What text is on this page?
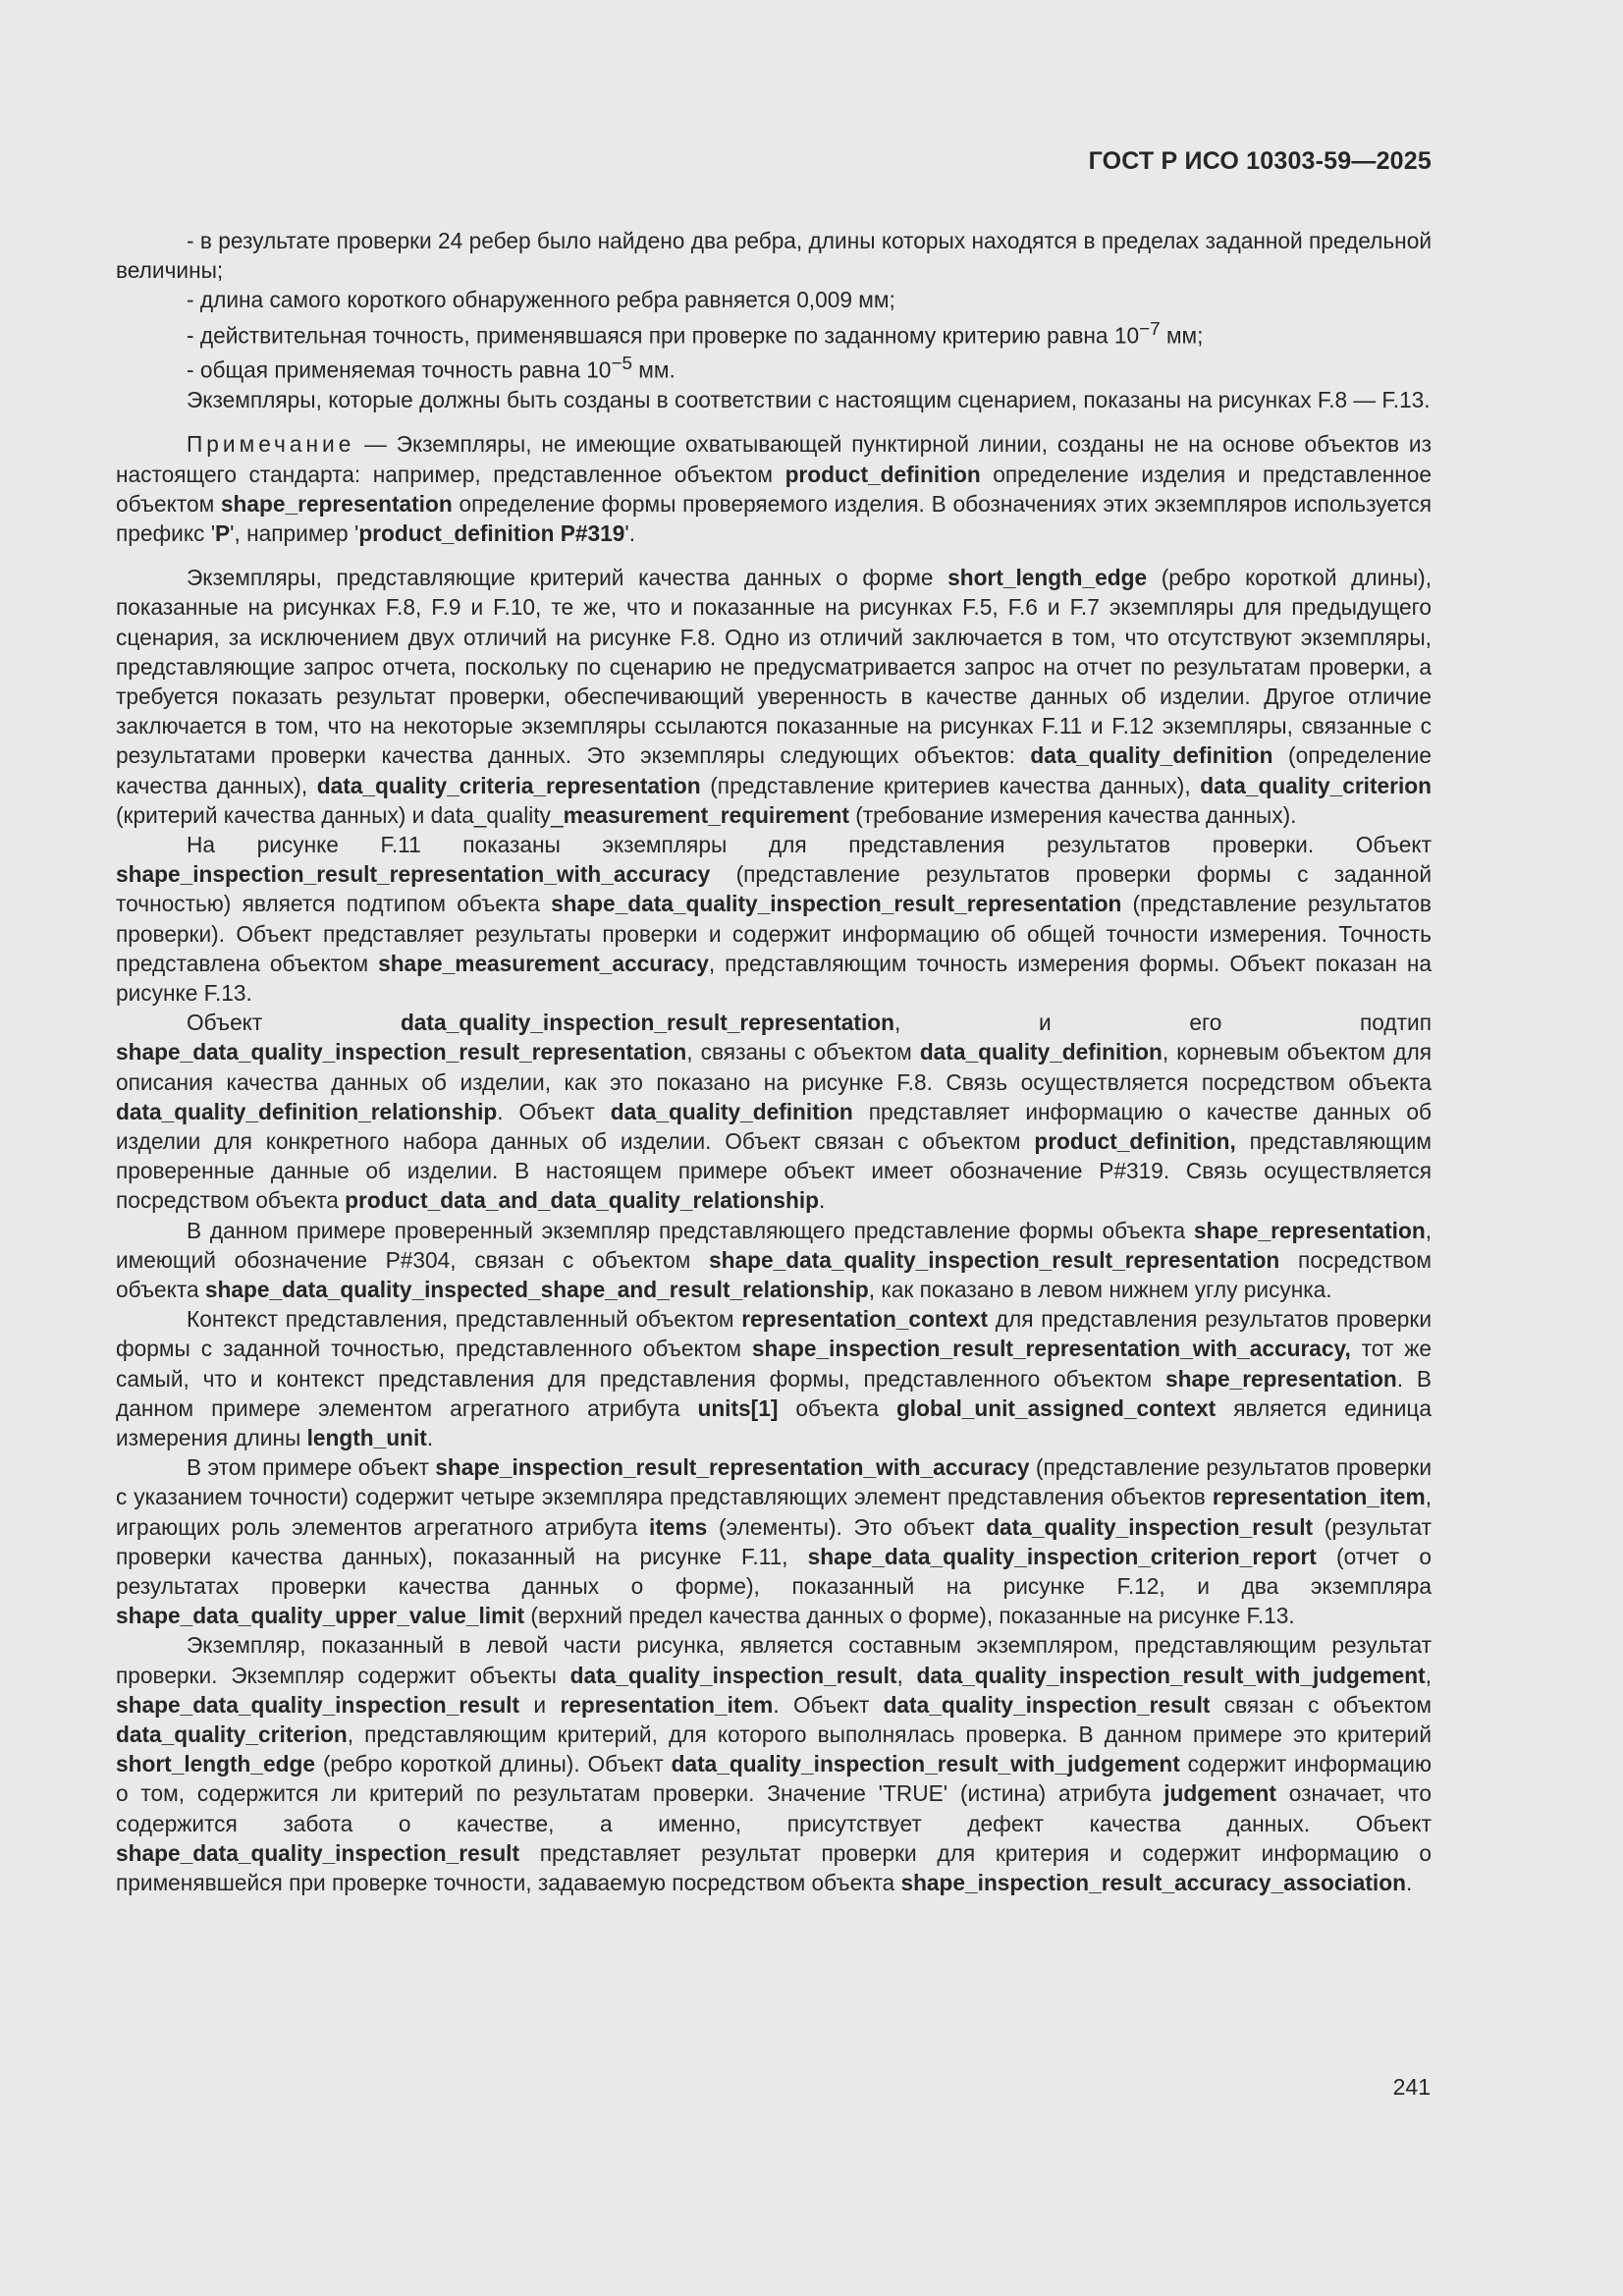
ГОСТ Р ИСО 10303-59—2025

- в результате проверки 24 ребер было найдено два ребра, длины которых находятся в пределах заданной предельной величины;

- длина самого короткого обнаруженного ребра равняется 0,009 мм;

- действительная точность, применявшаяся при проверке по заданному критерию равна $10^{-7}$ мм;

- общая применяемая точность равна $10^{-5}$ мм.

Экземпляры, которые должны быть созданы в соответствии с настоящим сценарием, показаны на рисунках F.8 — F.13.

Примечание — Экземпляры, не имеющие охватывающей пунктирной линии, созданы не на основе объектов из настоящего стандарта: например, представленное объектом product_definition определение изделия и представленное объектом shape_representation определение формы проверяемого изделия. В обозначениях этих экземпляров используется префикс 'P', например 'product_definition P#319'.

Экземпляры, представляющие критерий качества данных о форме short_length_edge (ребро короткой длины), показанные на рисунках F.8, F.9 и F.10, те же, что и показанные на рисунках F.5, F.6 и F.7 экземпляры для предыдущего сценария, за исключением двух отличий на рисунке F.8. Одно из отличий заключается в том, что отсутствуют экземпляры, представляющие запрос отчета, поскольку по сценарию не предусматривается запрос на отчет по результатам проверки, а требуется показать результат проверки, обеспечивающий уверенность в качестве данных об изделии. Другое отличие заключается в том, что на некоторые экземпляры ссылаются показанные на рисунках F.11 и F.12 экземпляры, связанные с результатами проверки качества данных. Это экземпляры следующих объектов: data_quality_definition (определение качества данных), data_quality_criteria_representation (представление критериев качества данных), data_quality_criterion (критерий качества данных) и data_quality_measurement_requirement (требование измерения качества данных).

На рисунке F.11 показаны экземпляры для представления результатов проверки. Объект shape_inspection_result_representation_with_accuracy (представление результатов проверки формы с заданной точностью) является подтипом объекта shape_data_quality_inspection_result_representation (представление результатов проверки). Объект представляет результаты проверки и содержит информацию об общей точности измерения. Точность представлена объектом shape_measurement_accuracy, представляющим точность измерения формы. Объект показан на рисунке F.13.

Объект data_quality_inspection_result_representation, и его подтип shape_data_quality_inspection_result_representation, связаны с объектом data_quality_definition, корневым объектом для описания качества данных об изделии, как это показано на рисунке F.8. Связь осуществляется посредством объекта data_quality_definition_relationship. Объект data_quality_definition представляет информацию о качестве данных об изделии для конкретного набора данных об изделии. Объект связан с объектом product_definition, представляющим проверенные данные об изделии. В настоящем примере объект имеет обозначение P#319. Связь осуществляется посредством объекта product_data_and_data_quality_relationship.

В данном примере проверенный экземпляр представляющего представление формы объекта shape_representation, имеющий обозначение P#304, связан с объектом shape_data_quality_inspection_result_representation посредством объекта shape_data_quality_inspected_shape_and_result_relationship, как показано в левом нижнем углу рисунка.

Контекст представления, представленный объектом representation_context для представления результатов проверки формы с заданной точностью, представленного объектом shape_inspection_result_representation_with_accuracy, тот же самый, что и контекст представления для представления формы, представленного объектом shape_representation. В данном примере элементом агрегатного атрибута units[1] объекта global_unit_assigned_context является единица измерения длины length_unit.

В этом примере объект shape_inspection_result_representation_with_accuracy (представление результатов проверки с указанием точности) содержит четыре экземпляра представляющих элемент представления объектов representation_item, играющих роль элементов агрегатного атрибута items (элементы). Это объект data_quality_inspection_result (результат проверки качества данных), показанный на рисунке F.11, shape_data_quality_inspection_criterion_report (отчет о результатах проверки качества данных о форме), показанный на рисунке F.12, и два экземпляра shape_data_quality_upper_value_limit (верхний предел качества данных о форме), показанные на рисунке F.13.

Экземпляр, показанный в левой части рисунка, является составным экземпляром, представляющим результат проверки. Экземпляр содержит объекты data_quality_inspection_result, data_quality_inspection_result_with_judgement, shape_data_quality_inspection_result и representation_item. Объект data_quality_inspection_result связан с объектом data_quality_criterion, представляющим критерий, для которого выполнялась проверка. В данном примере это критерий short_length_edge (ребро короткой длины). Объект data_quality_inspection_result_with_judgement содержит информацию о том, содержится ли критерий по результатам проверки. Значение 'TRUE' (истина) атрибута judgement означает, что содержится забота о качестве, а именно, присутствует дефект качества данных. Объект shape_data_quality_inspection_result представляет результат проверки для критерия и содержит информацию о применявшейся при проверке точности, задаваемую посредством объекта shape_inspection_result_accuracy_association.

241
